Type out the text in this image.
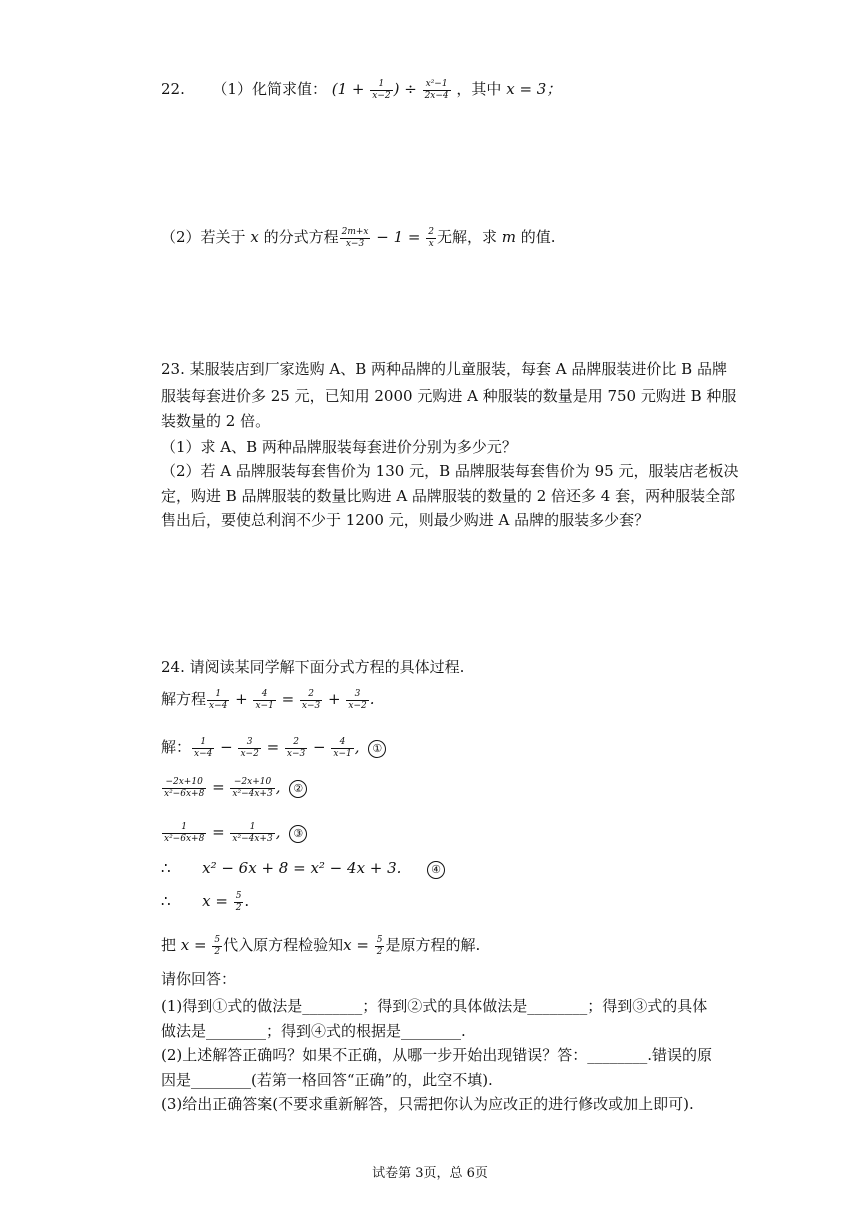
22. （1）化简求值： ($1 + \frac{1}{x-2}$ ) ÷ $\frac{\text{x²−1}}{2x-4}$ ，其中 x = 3；
（2）若关于 x 的分式方程 $\frac{2m+x}{x-3} - 1 = \frac{2}{x}$ 无解，求 m 的值.
23. 某服装店到厂家选购 A、B 两种品牌的儿童服装，每套 A 品牌服装进价比 B 品牌
服装每套进价多 25 元，已知用 2000 元购进 A 种服装的数量是用 750 元购进 B 种服
装数量的 2 倍。
（1）求 A、B 两种品牌服装每套进价分别为多少元？
（2）若 A 品牌服装每套售价为 130 元，B 品牌服装每套售价为 95 元，服装店老板决
定，购进 B 品牌服装的数量比购进 A 品牌服装的数量的 2 倍还多 4 套，两种服装全部
售出后，要使总利润不少于 1200 元，则最少购进 A 品牌的服装多少套？
24. 请阅读某同学解下面分式方程的具体过程.
解方程 $\frac{1}{x-4} + \frac{4}{x-1} = \frac{2}{x-3} + \frac{3}{x-2}$ .
解： $\frac{1}{x-4} - \frac{3}{x-2} = \frac{2}{x-3} - \frac{4}{x-1}$ , ①
$\frac{-2x+10}{\text{x²−6x+8}} = \frac{-2x+10}{\text{x²−4x+3}}$ , ②
$\frac{1}{\text{x²−6x+8}} = \frac{1}{\text{x²−4x+3}}$ , ③
∴ x² − 6x + 8 = x² − 4x + 3.	④
∴ $x = \frac{5}{2}$ .
把 $x = \frac{5}{2}$ 代入原方程检验知$x = \frac{5}{2}$ 是原方程的解.
请你回答：
(1)得到①式的做法是________；得到②式的具体做法是________；得到③式的具体
做法是________；得到④式的根据是________.
(2)上述解答正确吗？如果不正确，从哪一步开始出现错误？答：________.错误的原
因是________(若第一格回答“正确”的，此空不填).
(3)给出正确答案(不要求重新解答，只需把你认为应改正的进行修改或加上即可).
试卷第 3页，总 6页
